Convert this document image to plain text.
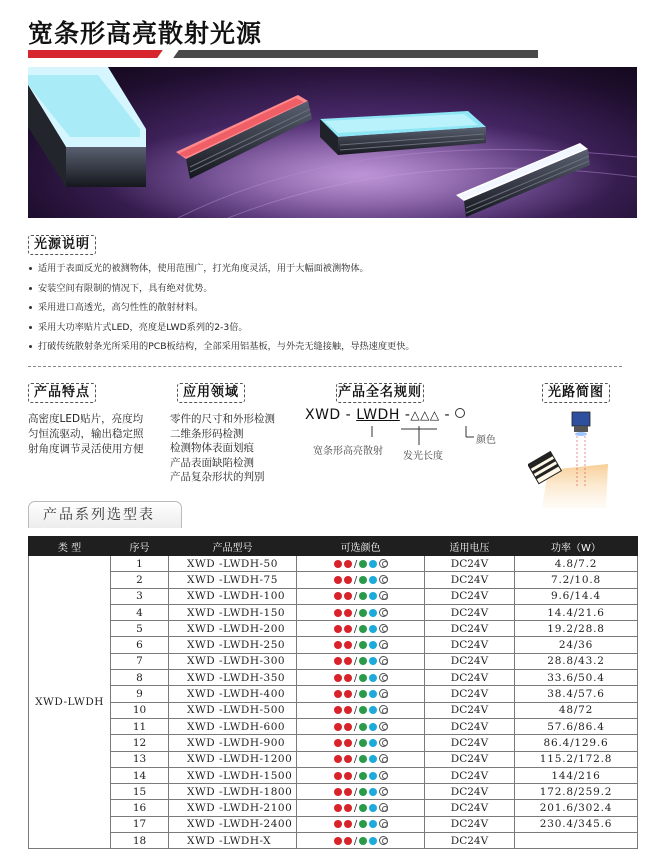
宽条形高亮散射光源
光源说明
适用于表面反光的被测物体，使用范围广，打光角度灵活，用于大幅面被测物体。
安装空间有限制的情况下，具有绝对优势。
采用进口高透光，高匀性性的散射材料。
采用大功率贴片式LED，亮度是LWD系列的2-3倍。
打破传统散射条光所采用的PCB板结构，全部采用铝基板，与外壳无缝接触，导热速度更快。
产品特点	应用领域	产品全名规则	光路简图
高密度LED贴片，亮度均匀恒流驱动，输出稳定照射角度调节灵活使用方便
零件的尺寸和外形检测
二维条形码检测
检测物体表面划痕
产品表面缺陷检测
产品复杂形状的判别
XWD - LWDH -△△△ -
宽条形高亮散射 发光长度
颜色
产品系列选型表
类 型	序号	产品型号	可选颜色	适用电压	功率（W）
XWD-LWDH	1	XWD -LWDH-50	/	DC24V	4.8/7.2
	2	XWD -LWDH-75	/	DC24V	7.2/10.8
	3	XWD -LWDH-100	/	DC24V	9.6/14.4
	4	XWD -LWDH-150	/	DC24V	14.4/21.6
	5	XWD -LWDH-200	/	DC24V	19.2/28.8
	6	XWD -LWDH-250	/	DC24V	24/36
	7	XWD -LWDH-300	/	DC24V	28.8/43.2
	8	XWD -LWDH-350	/	DC24V	33.6/50.4
	9	XWD -LWDH-400	/	DC24V	38.4/57.6
	10	XWD -LWDH-500	/	DC24V	48/72
	11	XWD -LWDH-600	/	DC24V	57.6/86.4
	12	XWD -LWDH-900	/	DC24V	86.4/129.6
	13	XWD -LWDH-1200	/	DC24V	115.2/172.8
	14	XWD -LWDH-1500	/	DC24V	144/216
	15	XWD -LWDH-1800	/	DC24V	172.8/259.2
	16	XWD -LWDH-2100	/	DC24V	201.6/302.4
	17	XWD -LWDH-2400	/	DC24V	230.4/345.6
	18	XWD -LWDH-X	/	DC24V	
